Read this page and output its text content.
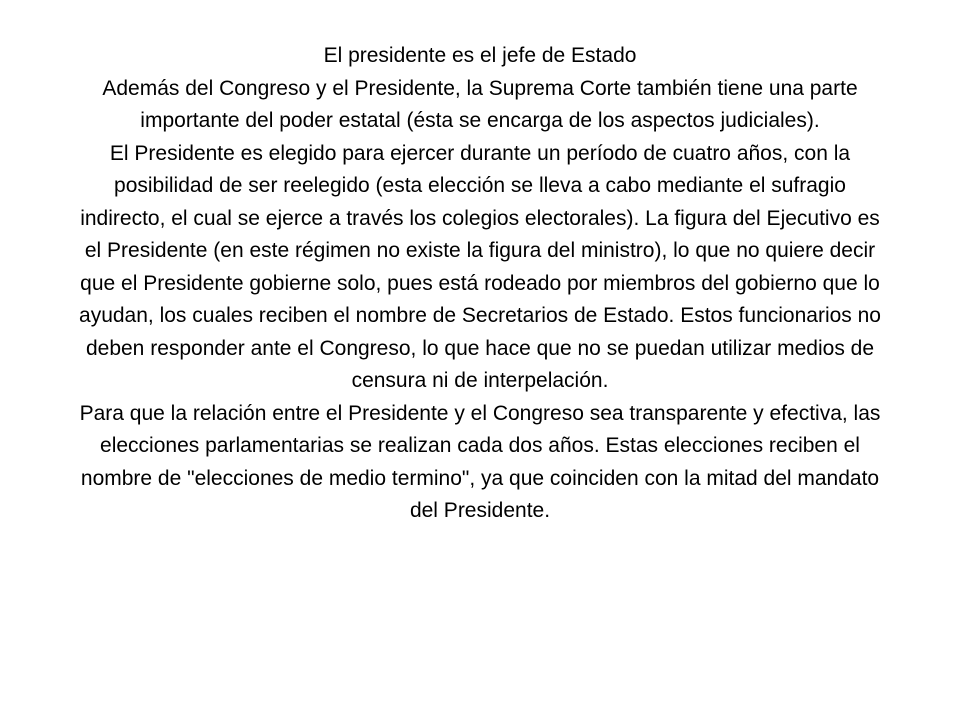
El presidente es el jefe de Estado

Además del Congreso y el Presidente, la Suprema Corte también tiene una parte importante del poder estatal (ésta se encarga de los aspectos judiciales).

El Presidente es elegido para ejercer durante un período de cuatro años, con la posibilidad de ser reelegido (esta elección se lleva a cabo mediante el sufragio indirecto, el cual se ejerce a través los colegios electorales). La figura del Ejecutivo es el Presidente (en este régimen no existe la figura del ministro), lo que no quiere decir que el Presidente gobierne solo, pues está rodeado por miembros del gobierno que lo ayudan, los cuales reciben el nombre de Secretarios de Estado. Estos funcionarios no deben responder ante el Congreso, lo que hace que no se puedan utilizar medios de censura ni de interpelación.

Para que la relación entre el Presidente y el Congreso sea transparente y efectiva, las elecciones parlamentarias se realizan cada dos años. Estas elecciones reciben el nombre de "elecciones de medio termino", ya que coinciden con la mitad del mandato del Presidente.
